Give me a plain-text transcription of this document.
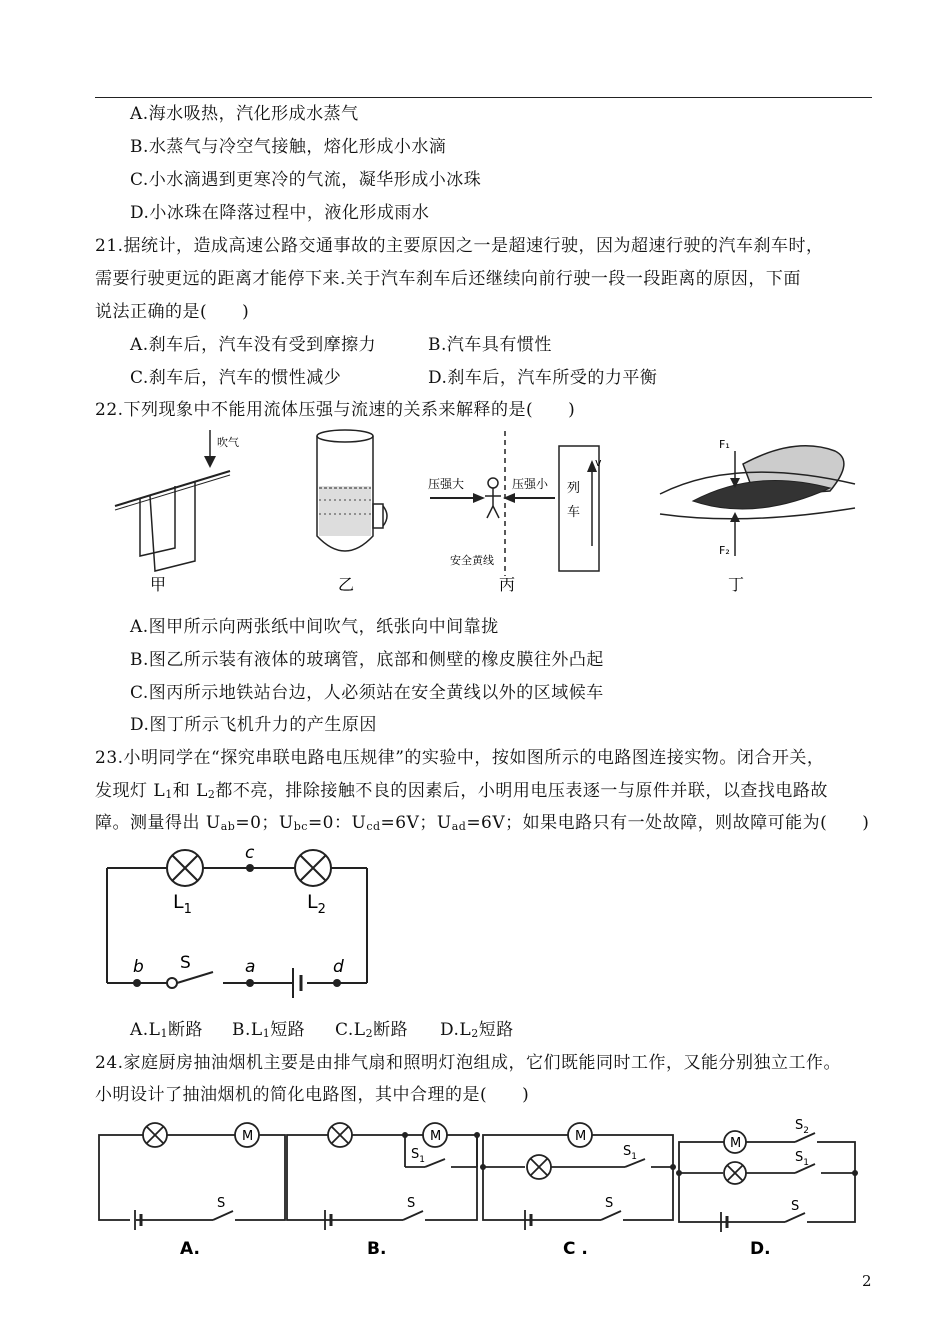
A.海水吸热，汽化形成水蒸气
B.水蒸气与冷空气接触，熔化形成小水滴
C.小水滴遇到更寒冷的气流，凝华形成小冰珠
D.小冰珠在降落过程中，液化形成雨水
21.据统计，造成高速公路交通事故的主要原因之一是超速行驶，因为超速行驶的汽车刹车时，
需要行驶更远的距离才能停下来.关于汽车刹车后还继续向前行驶一段一段距离的原因，下面
说法正确的是(　　)
A.刹车后，汽车没有受到摩擦力	B.汽车具有惯性
C.刹车后，汽车的惯性减少	D.刹车后，汽车所受的力平衡
22.下列现象中不能用流体压强与流速的关系来解释的是(　　)
吹气
甲	乙
压强大	压强小 列
车
v
安全黄线
丙
F₁
F₂
丁
A.图甲所示向两张纸中间吹气，纸张向中间靠拢
B.图乙所示装有液体的玻璃管，底部和侧壁的橡皮膜往外凸起
C.图丙所示地铁站台边，人必须站在安全黄线以外的区域候车
D.图丁所示飞机升力的产生原因
23.小明同学在“探究串联电路电压规律”的实验中，按如图所示的电路图连接实物。闭合开关，
发现灯 L1和 L2都不亮，排除接触不良的因素后，小明用电压表逐一与原件并联，以查找电路故
障。测量得出 Uab=0；Ubc=0：Ucd=6V；Uad=6V；如果电路只有一处故障，则故障可能为(　　)
c
$L_1$	$L_2$
b S	a	d
A.L1断路 B.L1短路 C.L2断路 D.L2短路
24.家庭厨房抽油烟机主要是由排气扇和照明灯泡组成，它们既能同时工作，又能分别独立工作。
小明设计了抽油烟机的简化电路图，其中合理的是(　　)
M
S
M
$S_1$
S
M
$S_1$
S
M
$S_2$
$S_1$
S
A.	B.	C .	D.
2
